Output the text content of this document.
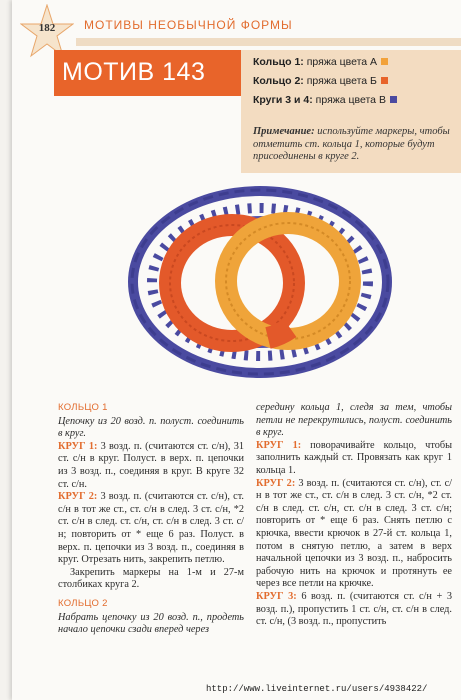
182	МОТИВЫ НЕОБЫЧНОЙ ФОРМЫ
МОТИВ 143	Кольцо 1: пряжа цвета А
Кольцо 2: пряжа цвета Б
Круги 3 и 4: пряжа цвета В
Примечание: используйте маркеры, чтобы отметить ст. кольца 1, которые будут присоединены в круге 2.
КОЛЬЦО 1

Цепочку из 20 возд. п. полуст. соединить в круг.

КРУГ 1: 3 возд. п. (считаются ст. с/н), 31 ст. с/н в круг. Полуст. в верх. п. цепочки из 3 возд. п., соединяя в круг. В круге 32 ст. с/н.

КРУГ 2: 3 возд. п. (считаются ст. с/н), ст. с/н в тот же ст., ст. с/н в след. 3 ст. с/н, *2 ст. с/н в след. ст. с/н, ст. с/н в след. 3 ст. с/н; повторить от * еще 6 раз. Полуст. в верх. п. цепочки из 3 возд. п., соединяя в круг. Отрезать нить, закрепить петлю.

Закрепить маркеры на 1-м и 27-м столбиках круга 2.

КОЛЬЦО 2

Набрать цепочку из 20 возд. п., продеть начало цепочки сзади вперед через

середину кольца 1, следя за тем, чтобы петли не перекрутились, полуст. соединить в круг.

КРУГ 1: поворачивайте кольцо, чтобы заполнить каждый ст. Провязать как круг 1 кольца 1.

КРУГ 2: 3 возд. п. (считаются ст. с/н), ст. с/н в тот же ст., ст. с/н в след. 3 ст. с/н, *2 ст. с/н в след. ст. с/н, ст. с/н в след. 3 ст. с/н; повторить от * еще 6 раз. Снять петлю с крючка, ввести крючок в 27-й ст. кольца 1, потом в снятую петлю, а затем в верх начальной цепочки из 3 возд. п., набросить рабочую нить на крючок и протянуть ее через все петли на крючке.

КРУГ 3: 6 возд. п. (считаются ст. с/н + 3 возд. п.), пропустить 1 ст. с/н, ст. с/н в след. ст. с/н, (3 возд. п., пропустить

http://www.liveinternet.ru/users/4938422/
